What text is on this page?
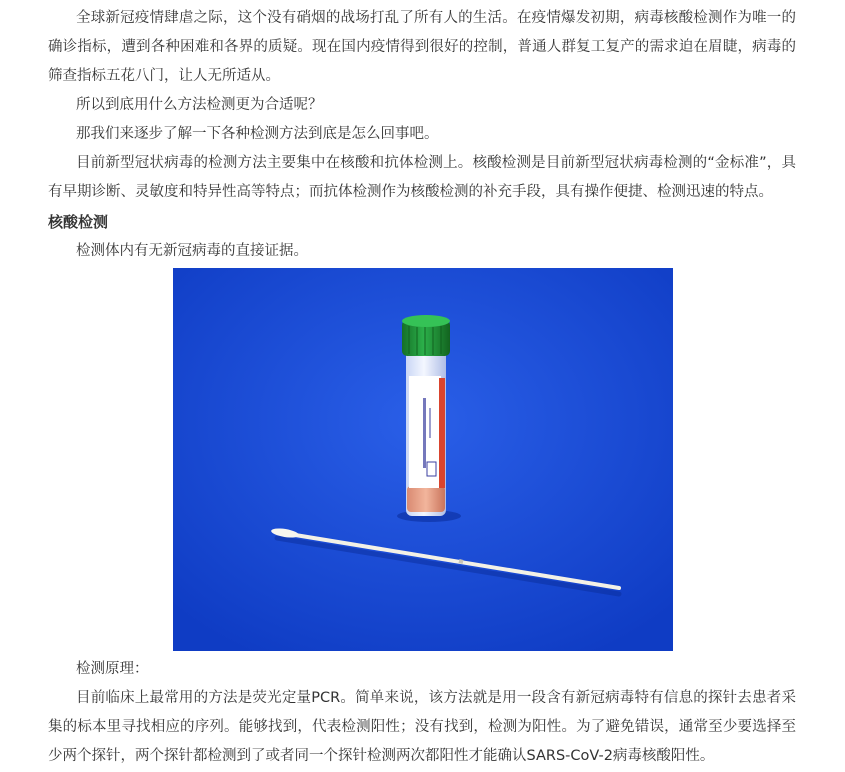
全球新冠疫情肆虐之际，这个没有硝烟的战场打乱了所有人的生活。在疫情爆发初期，病毒核酸检测作为唯一的确诊指标，遭到各种困难和各界的质疑。现在国内疫情得到很好的控制，普通人群复工复产的需求迫在眉睫，病毒的筛查指标五花八门，让人无所适从。

所以到底用什么方法检测更为合适呢？

那我们来逐步了解一下各种检测方法到底是怎么回事吧。

目前新型冠状病毒的检测方法主要集中在核酸和抗体检测上。核酸检测是目前新型冠状病毒检测的“金标准”，具有早期诊断、灵敏度和特异性高等特点；而抗体检测作为核酸检测的补充手段，具有操作便捷、检测迅速的特点。

核酸检测

检测体内有无新冠病毒的直接证据。

检测原理：

目前临床上最常用的方法是荧光定量PCR。简单来说，该方法就是用一段含有新冠病毒特有信息的探针去患者采集的标本里寻找相应的序列。能够找到，代表检测阳性；没有找到，检测为阳性。为了避免错误，通常至少要选择至少两个探针，两个探针都检测到了或者同一个探针检测两次都阳性才能确认SARS-CoV-2病毒核酸阳性。
